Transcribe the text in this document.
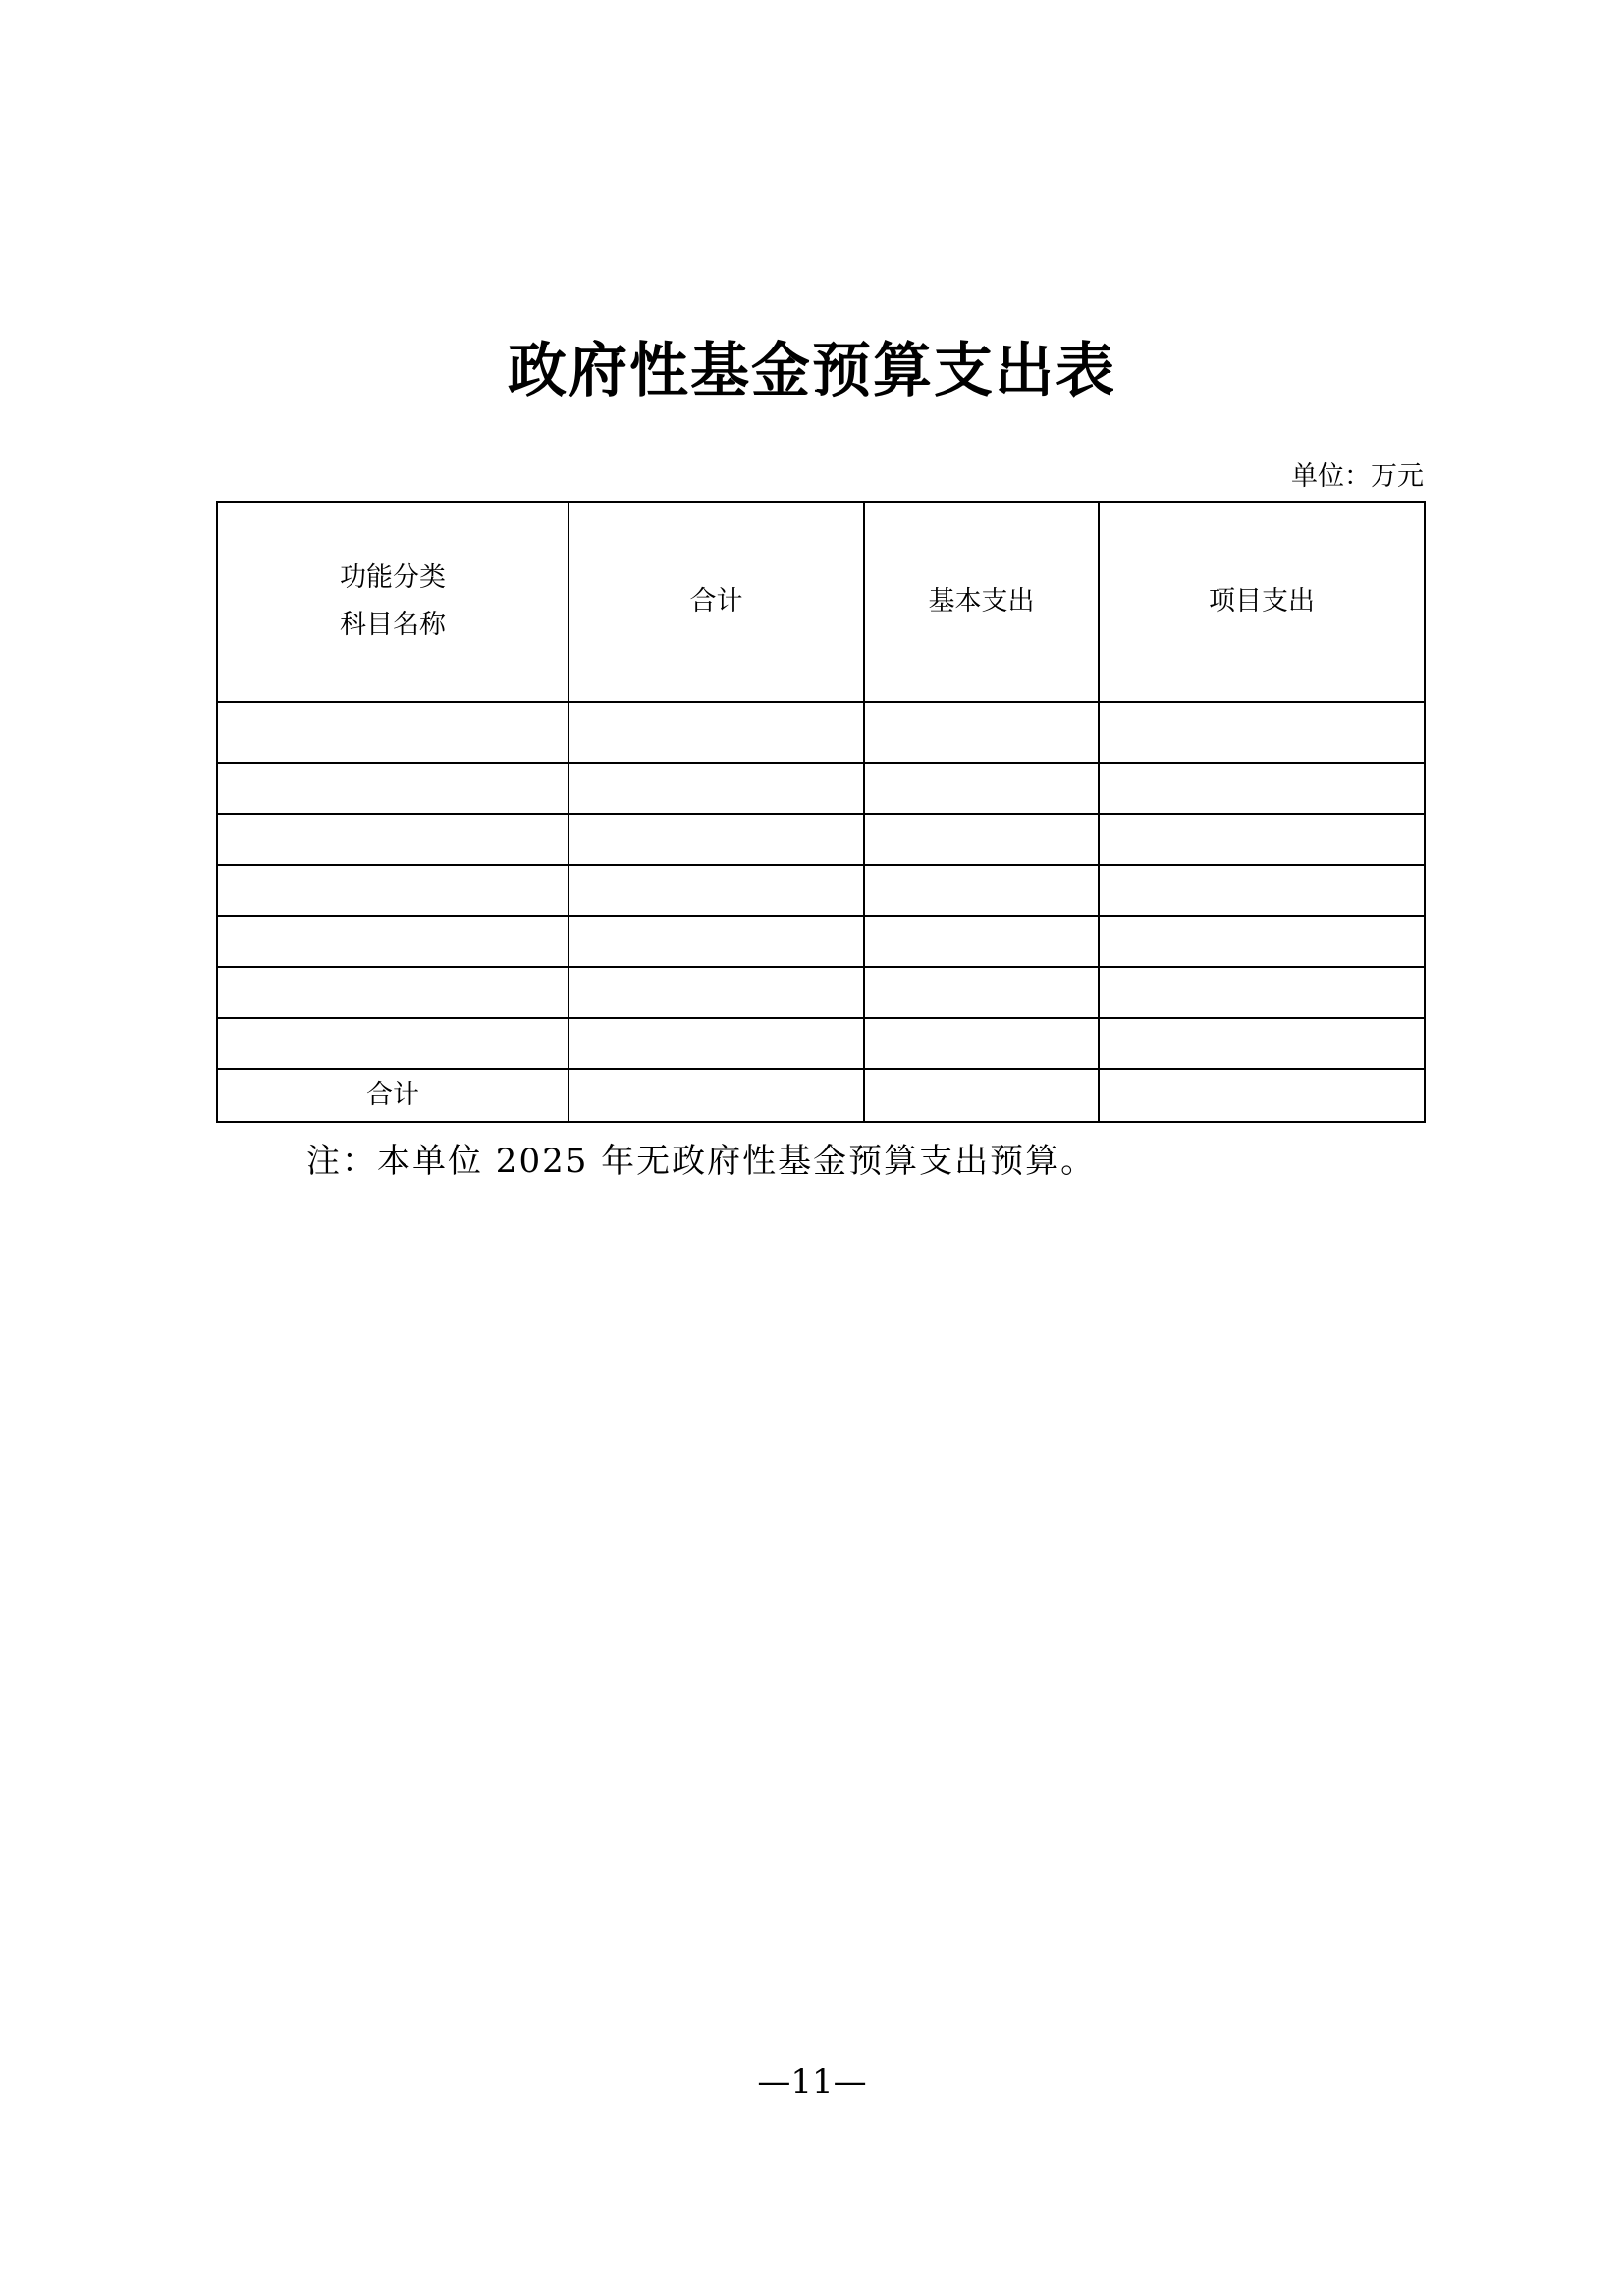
政府性基金预算支出表
单位：万元
功能分类
科目名称	合计	基本支出	项目支出

合计			
注：本单位 2025 年无政府性基金预算支出预算。
—11—
